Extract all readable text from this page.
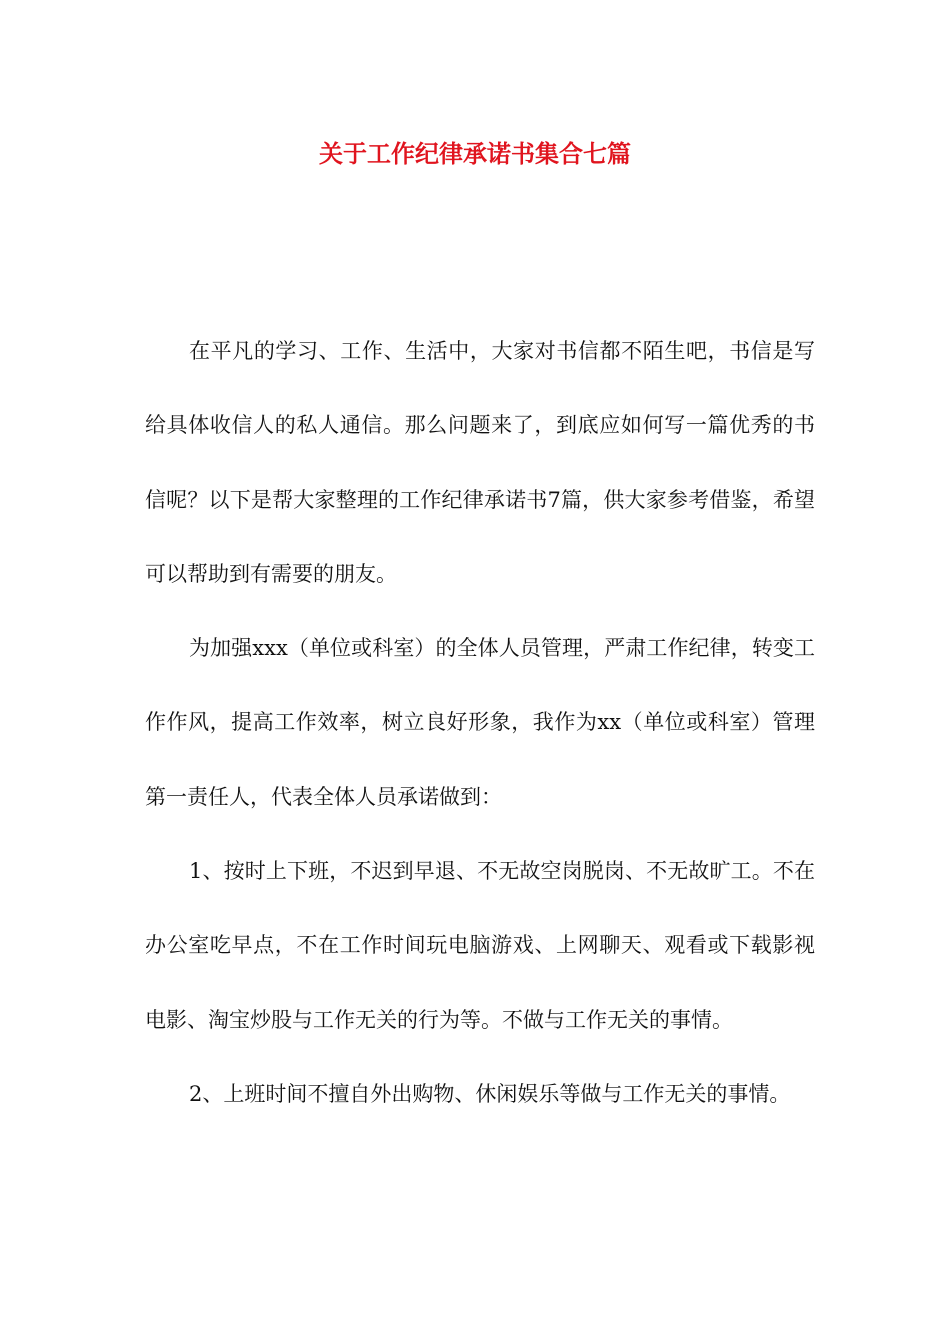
关于工作纪律承诺书集合七篇

在平凡的学习、工作、生活中，大家对书信都不陌生吧，书信是写给具体收信人的私人通信。那么问题来了，到底应如何写一篇优秀的书信呢？以下是帮大家整理的工作纪律承诺书7篇，供大家参考借鉴，希望可以帮助到有需要的朋友。

为加强xxx（单位或科室）的全体人员管理，严肃工作纪律，转变工作作风，提高工作效率，树立良好形象，我作为xx（单位或科室）管理第一责任人，代表全体人员承诺做到：

1、按时上下班，不迟到早退、不无故空岗脱岗、不无故旷工。不在办公室吃早点，不在工作时间玩电脑游戏、上网聊天、观看或下载影视电影、淘宝炒股与工作无关的行为等。不做与工作无关的事情。

2、上班时间不擅自外出购物、休闲娱乐等做与工作无关的事情。
